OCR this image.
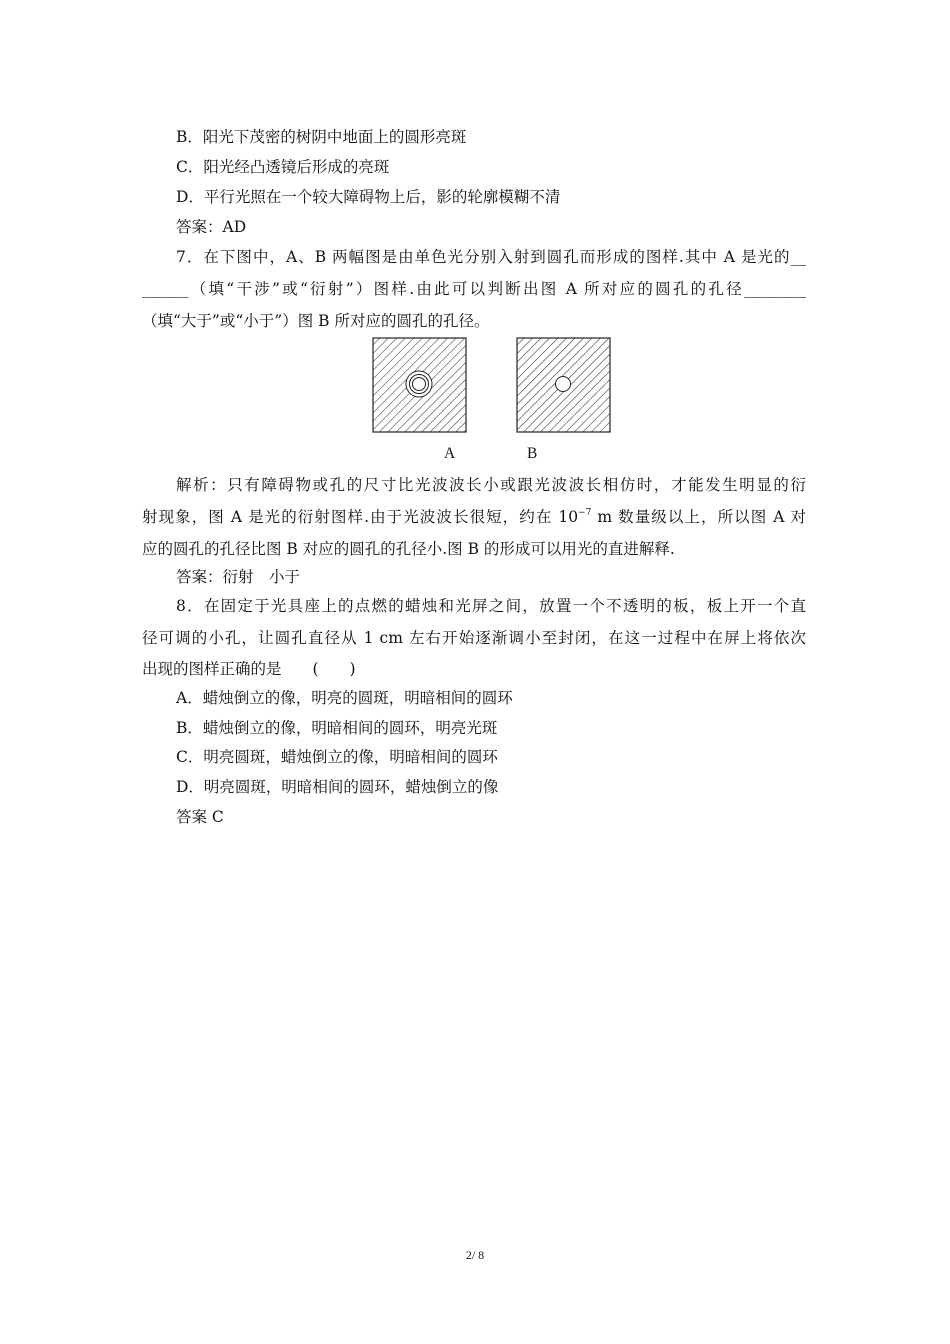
B．阳光下茂密的树阴中地面上的圆形亮斑
C．阳光经凸透镜后形成的亮斑
D．平行光照在一个较大障碍物上后，影的轮廓模糊不清
答案：AD
7．在下图中，A、B 两幅图是由单色光分别入射到圆孔而形成的图样.其中 A 是光的__
______（填“干涉”或“衍射”）图样.由此可以判断出图 A 所对应的圆孔的孔径________
（填“大于”或“小于”）图 B 所对应的圆孔的孔径。
A	B
解析：只有障碍物或孔的尺寸比光波波长小或跟光波波长相仿时，才能发生明显的衍
射现象，图 A 是光的衍射图样.由于光波波长很短，约在 $10^{-7}$ m 数量级以上，所以图 A 对
应的圆孔的孔径比图 B 对应的圆孔的孔径小.图 B 的形成可以用光的直进解释.
答案：衍射　小于
8．在固定于光具座上的点燃的蜡烛和光屏之间，放置一个不透明的板，板上开一个直
径可调的小孔，让圆孔直径从 1 cm 左右开始逐渐调小至封闭，在这一过程中在屏上将依次
出现的图样正确的是　　(　　)
A．蜡烛倒立的像，明亮的圆斑，明暗相间的圆环
B．蜡烛倒立的像，明暗相间的圆环，明亮光斑
C．明亮圆斑，蜡烛倒立的像，明暗相间的圆环
D．明亮圆斑，明暗相间的圆环，蜡烛倒立的像
答案 C
2/ 8
